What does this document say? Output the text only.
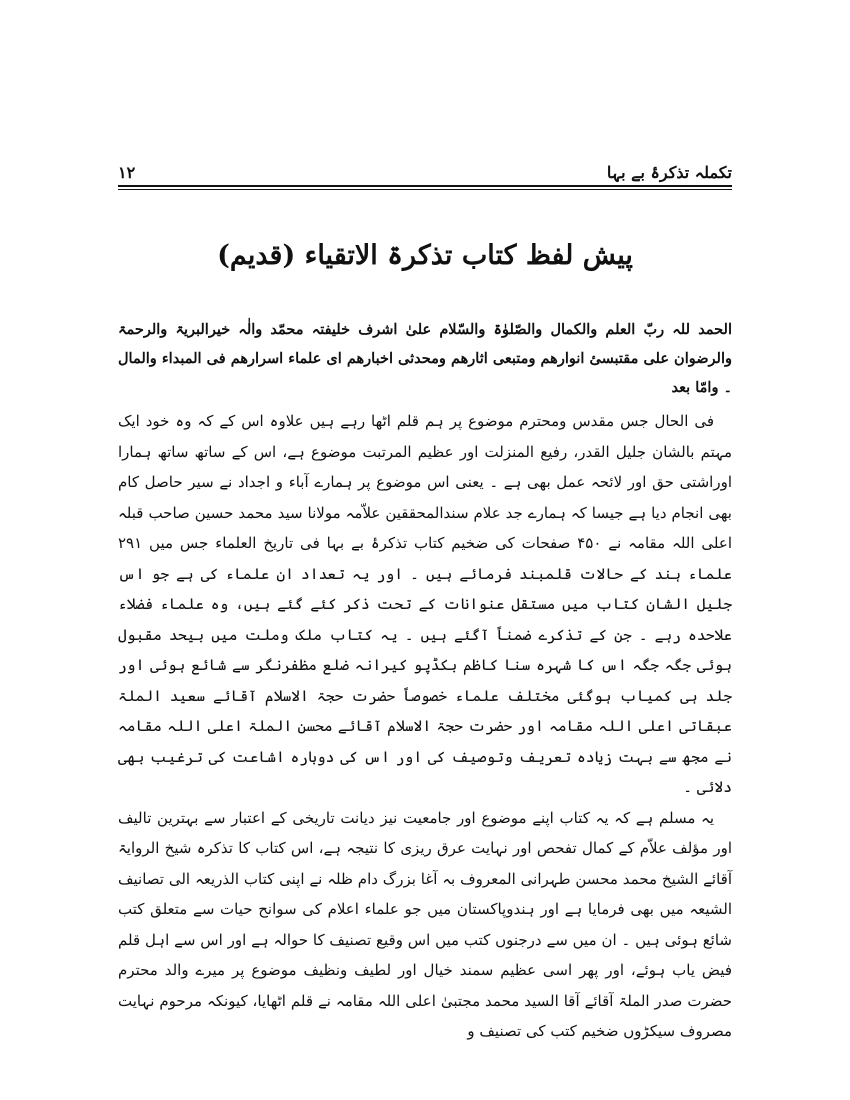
تکملہ تذکرۂ بے بہا
۱۲
پیش لفظ کتاب تذکرۃ الاتقیاء (قدیم)

الحمد للہ ربّ العلم والکمال والصّلوٰۃ والسّلام علیٰ اشرف خلیفتہ محمّد والٰہ خیرالبریۃ والرحمۃ والرضوان علی مقتبسیٔ انوارھم ومتبعی اثارھم ومحدثی اخبارھم ای علماء اسرارھم فی المبداء والمال ۔ وامّا بعد

فی الحال جس مقدس ومحترم موضوع پر ہم قلم اٹھا رہے ہیں علاوہ اس کے کہ وہ خود ایک مہتم بالشان جلیل القدر، رفیع المنزلت اور عظیم المرتبت موضوع ہے، اس کے ساتھ ساتھ ہمارا اوراشتی حق اور لائحہ عمل بھی ہے ۔ یعنی اس موضوع پر ہمارے آباء و اجداد نے سیر حاصل کام بھی انجام دیا ہے جیسا کہ ہمارے جد علام سندالمحققین علاّمہ مولانا سید محمد حسین صاحب قبلہ اعلی اللہ مقامہ نے ۴۵۰ صفحات کی ضخیم کتاب تذکرۂ بے بہا فی تاریخ العلماء جس میں ۲۹۱ علماء ہند کے حالات قلمبند فرمائے ہیں ۔ اور یہ تعداد ان علماء کی ہے جو اس جلیل الشان کتاب میں مستقل عنوانات کے تحت ذکر کئے گئے ہیں، وہ علماء فضلاء علاحدہ رہے ۔ جن کے تذکرے ضمناً آگئے ہیں ۔ یہ کتاب ملک وملت میں بیحد مقبول ہوئی جگہ جگہ اس کا شہرہ سنا کاظم بکڈپو کیرانہ ضلع مظفرنگر سے شائع ہوئی اور جلد ہی کمیاب ہوگئی مختلف علماء خصوصاً حضرت حجۃ الاسلام آقائے سعید الملۃ عبقاتی اعلی اللہ مقامہ اور حضرت حجۃ الاسلام آقائے محسن الملۃ اعلی اللہ مقامہ نے مجھ سے بہت زیادہ تعریف وتوصیف کی اور اس کی دوبارہ اشاعت کی ترغیب بھی دلائی ۔

یہ مسلم ہے کہ یہ کتاب اپنے موضوع اور جامعیت نیز دیانت تاریخی کے اعتبار سے بہترین تالیف اور مؤلف علاّم کے کمال تفحص اور نہایت عرق ریزی کا نتیجہ ہے، اس کتاب کا تذکرہ شیخ الروایۃ آقائے الشیخ محمد محسن طہرانی المعروف بہ آغا بزرگ دام ظلہ نے اپنی کتاب الذریعہ الی تصانیف الشیعہ میں بھی فرمایا ہے اور ہندوپاکستان میں جو علماء اعلام کی سوانح حیات سے متعلق کتب شائع ہوئی ہیں ۔ ان میں سے درجنوں کتب میں اس وقیع تصنیف کا حوالہ ہے اور اس سے اہل قلم فیض یاب ہوئے، اور پھر اسی عظیم سمند خیال اور لطیف ونظیف موضوع پر میرے والد محترم حضرت صدر الملۃ آقائے آقا السید محمد مجتبیٰ اعلی اللہ مقامہ نے قلم اٹھایا، کیونکہ مرحوم نہایت مصروف سیکڑوں ضخیم کتب کی تصنیف و
